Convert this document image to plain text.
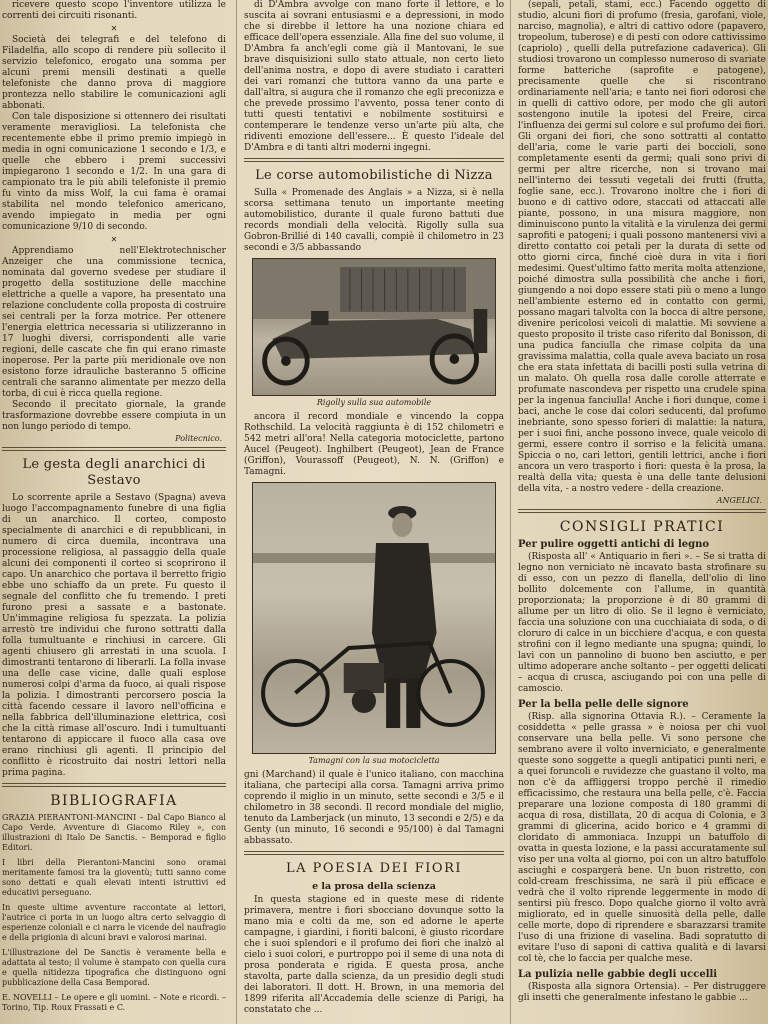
ricevere questo scopo l'inventore utilizza le correnti dei circuiti risonanti.

✕

Società dei telegrafi e del telefono di Filadelfia, allo scopo di rendere più sollecito il servizio telefonico, erogato una somma per alcuni premi mensili destinati a quelle telefoniste che danno prova di maggiore prontezza nello stabilire le comunicazioni agli abbonati.

Con tale disposizione si ottennero dei risultati veramente meravigliosi. La telefonista che recentemente ebbe il primo premio impiegò in media in ogni comunicazione 1 secondo e 1/3, e quelle che ebbero i premi successivi impiegarono 1 secondo e 1/2. In una gara di campionato tra le più abili telefoniste il premio fu vinto da miss Wolf, la cui fama è oramai stabilita nel mondo telefonico americano, avendo impiegato in media per ogni comunicazione 9/10 di secondo.

✕

Apprendiamo nell'Elektrotechnischer Anzeiger che una commissione tecnica, nominata dal governo svedese per studiare il progetto della sostituzione delle macchine elettriche a quelle a vapore, ha presentato una relazione concludente colla proposta di costruire sei centrali per la forza motrice. Per ottenere l'energia elettrica necessaria si utilizzeranno in 17 luoghi diversi, corrispondenti alle varie regioni, delle cascate che fin qui erano rimaste inoperose. Per la parte più meridionale ove non esistono forze idrauliche basteranno 5 officine centrali che saranno alimentate per mezzo della torba, di cui è ricca quella regione.

Secondo il precitato giornale, la grande trasformazione dovrebbe essere compiuta in un non lungo periodo di tempo.

Politecnico.

Le gesta degli anarchici di Sestavo

Lo scorrente aprile a Sestavo (Spagna) aveva luogo l'accompagnamento funebre di una figlia di un anarchico. Il corteo, composto specialmente di anarchici e di repubblicani, in numero di circa duemila, incontrava una processione religiosa, al passaggio della quale alcuni dei componenti il corteo si scoprirono il capo. Un anarchico che portava il berretto frigio ebbe uno schiaffo da un prete. Fu questo il segnale del conflitto che fu tremendo. I preti furono presi a sassate e a bastonate. Un'immagine religiosa fu spezzata. La polizia arrestò tre individui che furono sottratti dalla folla tumultuante e rinchiusi in carcere. Gli agenti chiusero gli arrestati in una scuola. I dimostranti tentarono di liberarli. La folla invase una delle case vicine, dalle quali esplose numerosi colpi d'arma da fuoco, ai quali rispose la polizia. I dimostranti percorsero poscia la città facendo cessare il lavoro nell'officina e nella fabbrica dell'illuminazione elettrica, così che la città rimase all'oscuro. Indi i tumultuanti tentarono di appiccare il fuoco alla casa ove erano rinchiusi gli agenti. Il principio del conflitto è ricostruito dai nostri lettori nella prima pagina.

BIBLIOGRAFIA

GRAZIA PIERANTONI-MANCINI – Dal Capo Bianco al Capo Verde. Avventure di Giacomo Riley », con illustrazioni di Italo De Sanctis. – Bemporad e figlio Editori.

I libri della Pierantoni-Mancini sono oramai meritamente famosi tra la gioventù; tutti sanno come sono dettati e quali elevati intenti istruttivi ed educativi perseguano.

In queste ultime avventure raccontate ai lettori, l'autrice ci porta in un luogo altra certo selvaggio di esperienze coloniali e ci narra le vicende del naufragio e della prigionia di alcuni bravi e valorosi marinai.

L'illustrazione del De Sanctis è veramente bella e adattata al testo; il volume è stampato con quella cura e quella nitidezza tipografica che distinguono ogni pubblicazione della Casa Bemporad.

E. NOVELLI – Le opere e gli uomini. – Note e ricordi. – Torino, Tip. Roux Frassati e C.

di D'Ambra avvolge con mano forte il lettore, e lo suscita ai sovrani entusiasmi e a depressioni, in modo che si direbbe il lettore ha una nozione chiara ed efficace dell'opera essenziale. Alla fine del suo volume, il D'Ambra fa anch'egli come già il Mantovani, le sue brave disquisizioni sullo stato attuale, non certo lieto dell'anima nostra, e dopo di avere studiato i caratteri dei vari romanzi che tuttora vanno da una parte e dall'altra, si augura che il romanzo che egli preconizza e che prevede prossimo l'avvento, possa tener conto di tutti questi tentativi e nobilmente sostituirsi e contemperare le tendenze verso un'arte più alta, che ridiventi emozione dell'essere... È questo l'ideale del D'Ambra e di tanti altri moderni ingegni.

Le corse automobilistiche di Nizza

Sulla « Promenade des Anglais » a Nizza, si è nella scorsa settimana tenuto un importante meeting automobilistico, durante il quale furono battuti due records mondiali della velocità. Rigolly sulla sua Gobron-Brillié di 140 cavalli, compiè il chilometro in 23 secondi e 3/5 abbassando

Rigolly sulla sua automobile

ancora il record mondiale e vincendo la coppa Rothschild. La velocità raggiunta è di 152 chilometri e 542 metri all'ora! Nella categoria motociclette, partono Aucel (Peugeot). Inghilbert (Peugeot), Jean de France (Griffon), Vourassoff (Peugeot), N. N. (Griffon) e Tamagni.

Tamagni con la sua motocicletta

gni (Marchand) il quale è l'unico italiano, con macchina italiana, che partecipi alla corsa. Tamagni arriva primo coprendo il miglio in un minuto, sette secondi e 3/5 e il chilometro in 38 secondi. Il record mondiale del miglio, tenuto da Lamberjack (un minuto, 13 secondi e 2/5) e da Genty (un minuto, 16 secondi e 95/100) è dal Tamagni abbassato.

LA POESIA DEI FIORI
e la prosa della scienza

In questa stagione ed in queste mese di ridente primavera, mentre i fiori sbocciano dovunque sotto la mano mia e colti da me, son ed adorne le aperte campagne, i giardini, i fioriti balconi, è giusto ricordare che i suoi splendori e il profumo dei fiori che inalzò al cielo i suoi colori, e purtroppo poi il seme di una nota di prosa ponderata e rigida. E questa prosa, anche stavolta, parte dalla scienza, da un presidio degli studi dei laboratori. Il dott. H. Brown, in una memoria del 1899 riferita all'Accademia delle scienze di Parigi, ha constatato che ...

(sepali, petali, stami, ecc.) Facendo oggetto di studio, alcuni fiori di profumo (fresia, garofani, viole, narciso, magnolia), e altri di cattivo odore (papavero, tropeolum, tuberose) e di pesti con odore cattivissimo (capriolo) , quelli della putrefazione cadaverica). Gli studiosi trovarono un complesso numeroso di svariate forme batteriche (saprofite e patogene), precisamente quelle che si riscontrano ordinariamente nell'aria; e tanto nei fiori odorosi che in quelli di cattivo odore, per modo che gli autori sostengono inutile la ipotesi del Freire, circa l'influenza dei germi sul colore e sul profumo dei fiori. Gli organi dei fiori, che sono sottratti al contatto dell'aria, come le varie parti dei boccioli, sono completamente esenti da germi; quali sono privi di germi per altre ricerche, non si trovano mai nell'interno dei tessuti vegetali dei frutti (frutta, foglie sane, ecc.). Trovarono inoltre che i fiori di buono e di cattivo odore, staccati od attaccati alle piante, possono, in una misura maggiore, non diminuiscono punto la vitalità e la virulenza dei germi saprofiti e patogeni; i quali possono mantenersi vivi a diretto contatto coi petali per la durata di sette od otto giorni circa, finché cioè dura in vita i fiori medesimi. Quest'ultimo fatto merita molta attenzione, poiché dimostra sulla possibilità che anche i fiori, giungendo a noi dopo essere stati più o meno a lungo nell'ambiente esterno ed in contatto con germi, possano magari talvolta con la bocca di altre persone, divenire pericolosi veicoli di malattie. Mi sovviene a questo proposito il triste caso riferito dal Bonisson, di una pudica fanciulla che rimase colpita da una gravissima malattia, colla quale aveva baciato un rosa che era stata infettata di bacilli posti sulla vetrina di un malato. Oh quella rosa dalle corolle atterrate e profumate nascondeva per rispetto una crudele spina per la ingenua fanciulla! Anche i fiori dunque, come i baci, anche le cose dai colori seducenti, dal profumo inebriante, sono spesso forieri di malattie: la natura, per i suoi fini, anche possono invece, quale veicolo di germi, essere contro il sorriso e la felicità umana. Spiccia o no, cari lettori, gentili lettrici, anche i fiori ancora un vero trasporto i fiori: questa è la prosa, la realtà della vita; questa è una delle tante delusioni della vita, - a nostro vedere - della creazione.

ANGELICI.

CONSIGLI PRATICI
Per pulire oggetti antichi di legno

(Risposta all' « Antiquario in fieri ». – Se si tratta di legno non verniciato nè incavato basta strofinare su di esso, con un pezzo di flanella, dell'olio di lino bollito dolcemente con l'allume, in quantità proporzionata; la proporzione è di 80 grammi di allume per un litro di olio. Se il legno è verniciato, faccia una soluzione con una cucchiaiata di soda, o di cloruro di calce in un bicchiere d'acqua, e con questa strofini con il legno mediante una spugna; quindi, lo lavi con un pannolino di buono ben asciutto, e per ultimo adoperare anche soltanto – per oggetti delicati – acqua di crusca, asciugando poi con una pelle di camoscio.

Per la bella pelle delle signore

(Risp. alla signorina Ottavia R.). – Ceramente la cosiddetta « pelle grassa » è noiosa per chi vuol conservare una bella pelle. Vi sono persone che sembrano avere il volto inverniciato, e generalmente queste sono soggette a quegli antipatici punti neri, e a quei foruncoli e ruvidezze che guastano il volto, ma non c'è da affliggersi troppo perchè il rimedio efficacissimo, che restaura una bella pelle, c'è. Faccia preparare una lozione composta di 180 grammi di acqua di rosa, distillata, 20 di acqua di Colonia, e 3 grammi di glicerina, acido borico e 4 grammi di cloridato di ammoniaca. Inzuppi un batuffolo di ovatta in questa lozione, e la passi accuratamente sul viso per una volta al giorno, poi con un altro batuffolo asciughi e cospargerà bene. Un buon ristretto, con cold-cream freschissima, ne sarà il più efficace e vedrà che il volto riprende leggermente in modo di sentirsi più fresco. Dopo qualche giorno il volto avrà migliorato, ed in quelle sinuosità della pelle, dalle celle morte, dopo di riprendere e sbarazzarsi tramite l'uso di una frizione di vaselina. Badi sopratutto di evitare l'uso di saponi di cattiva qualità e di lavarsi col tè, che lo faccia per qualche mese.

La pulizia nelle gabbie degli uccelli

(Risposta alla signora Ortensia). – Per distruggere gli insetti che generalmente infestano le gabbie ...
